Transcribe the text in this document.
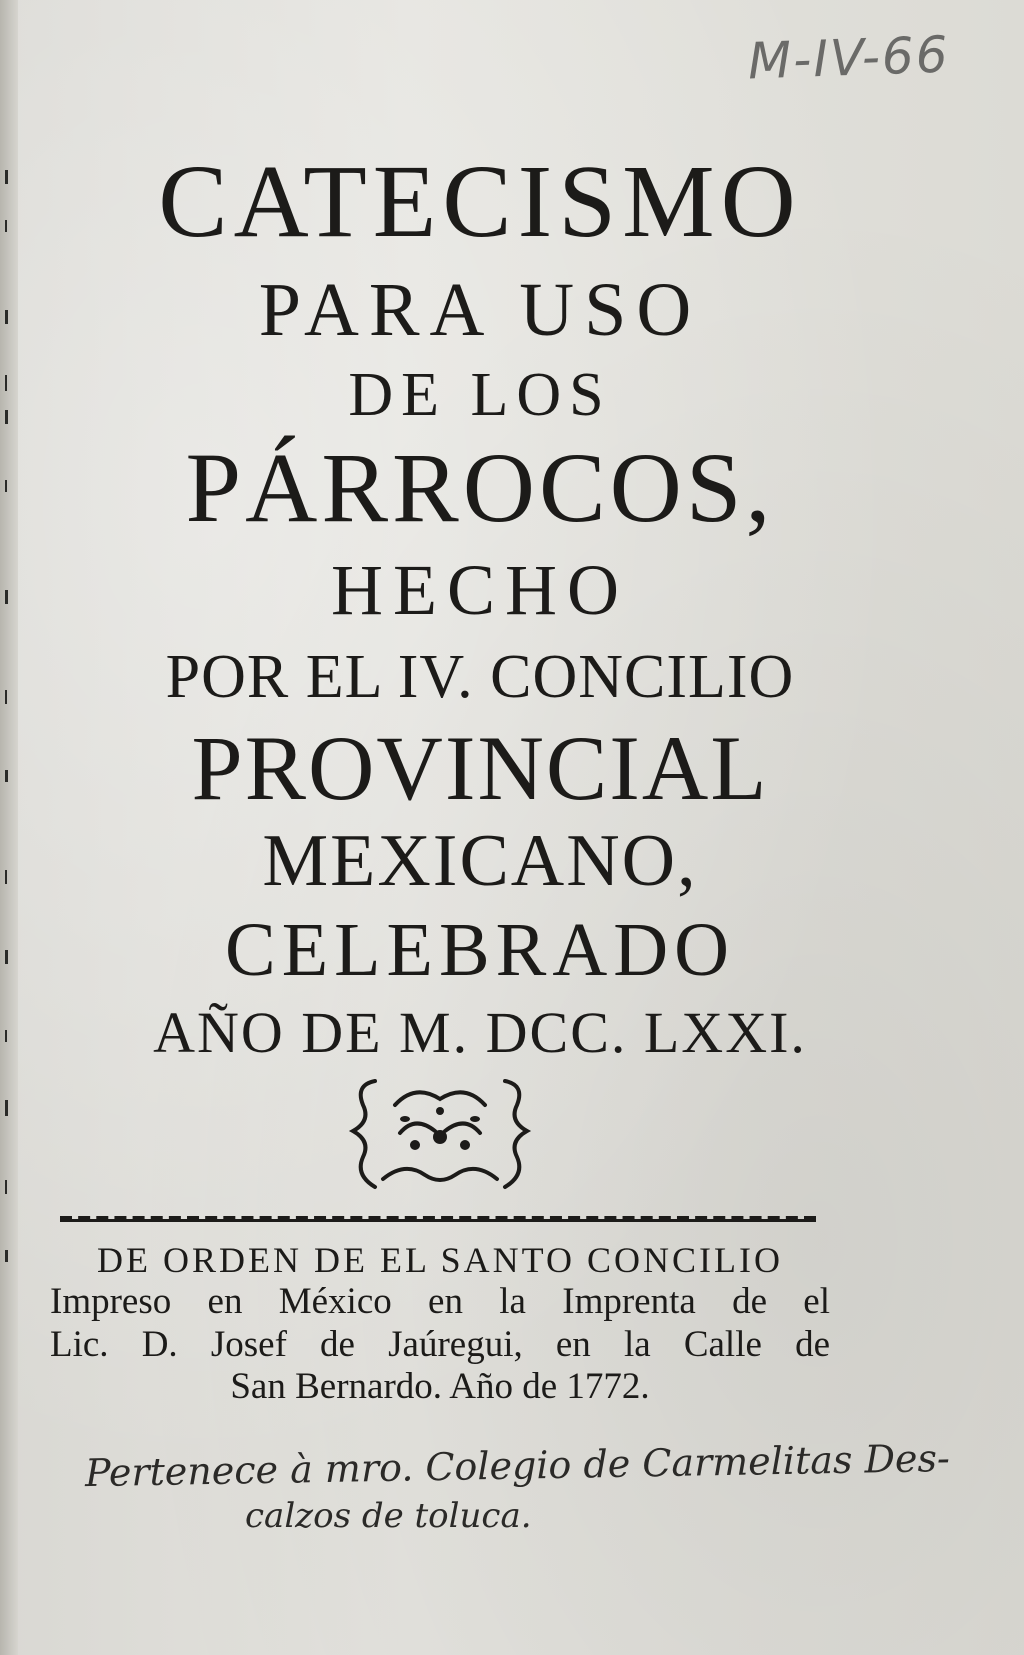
M-IV-66
CATECISMO
PARA USO
DE LOS
PÁRROCOS,
HECHO
POR EL IV. CONCILIO
PROVINCIAL
MEXICANO,
CELEBRADO
AÑO DE M. DCC. LXXI.
DE ORDEN DE EL SANTO CONCILIO
Impreso en México en la Imprenta de el
Lic. D. Josef de Jaúregui, en la Calle de
San Bernardo. Año de 1772.
Pertenece à mro. Colegio de Carmelitas Des-
calzos de toluca.
